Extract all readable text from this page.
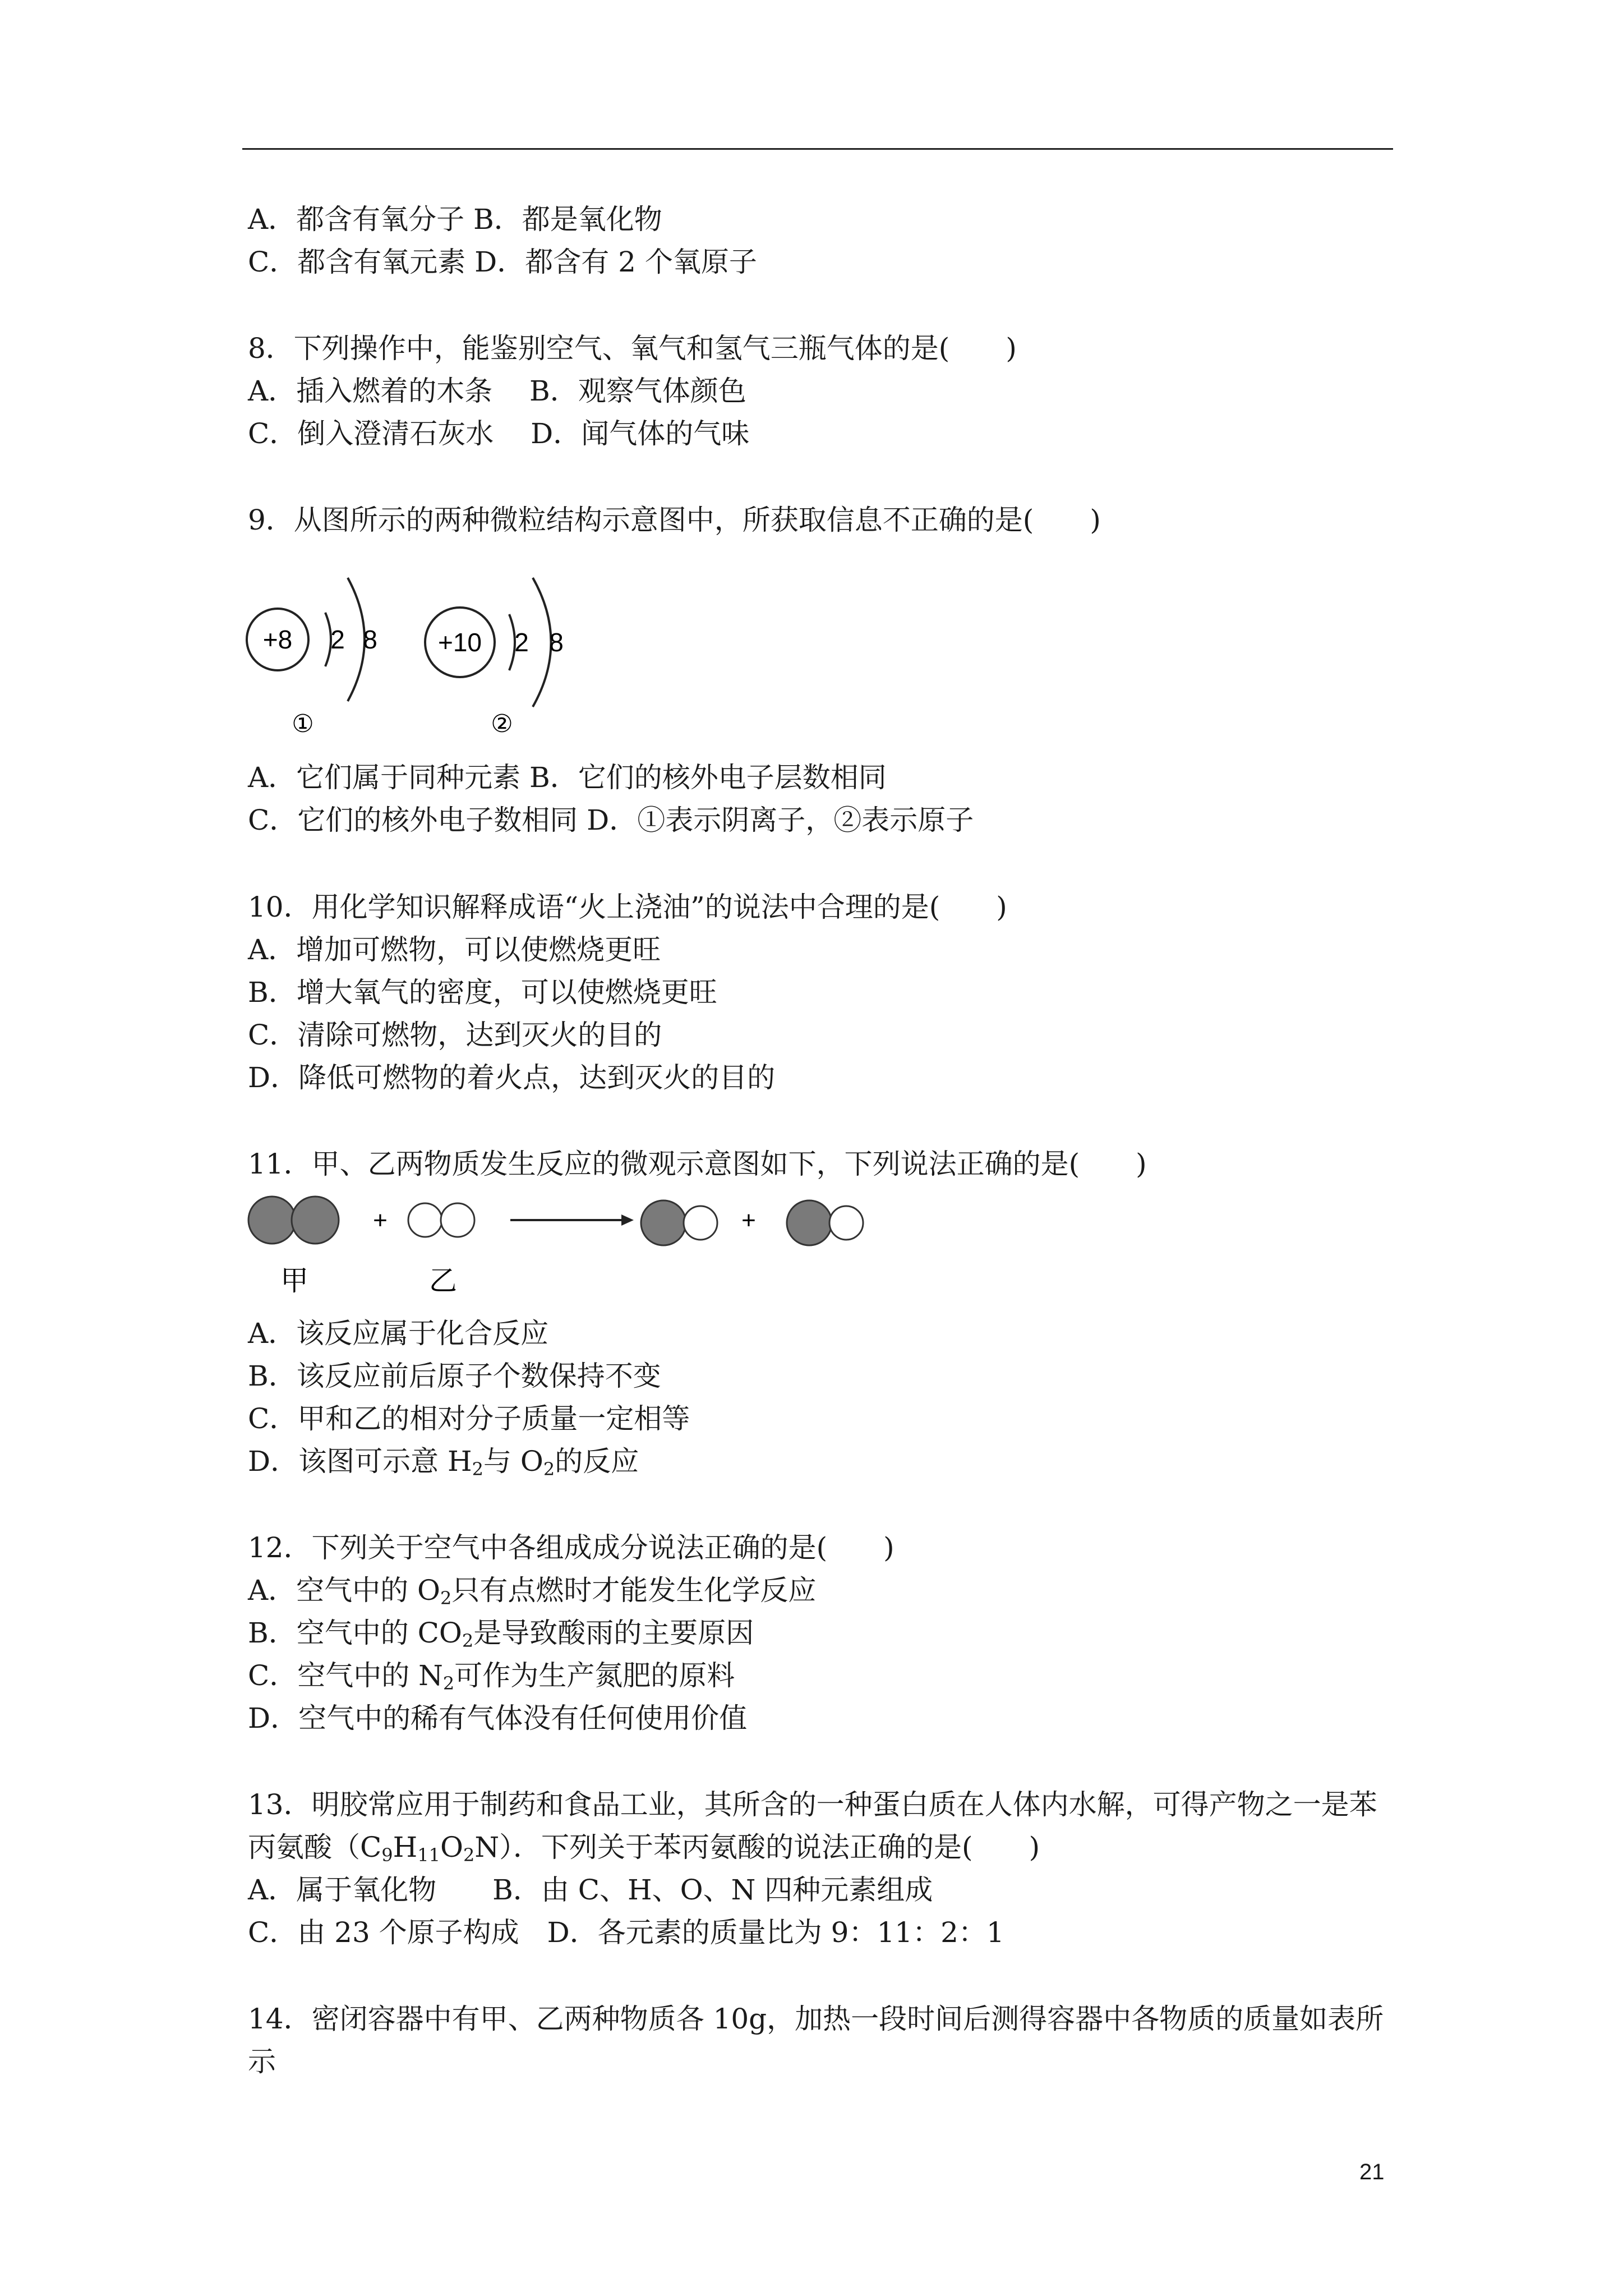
A．都含有氧分子 B．都是氧化物
C．都含有氧元素 D．都含有 2 个氧原子
8．下列操作中，能鉴别空气、氧气和氢气三瓶气体的是(　　)
A．插入燃着的木条　 B．观察气体颜色
C．倒入澄清石灰水　 D．闻气体的气味
9．从图所示的两种微粒结构示意图中，所获取信息不正确的是(　　)
+8 2 8
①
+10 2 8
②
A．它们属于同种元素 B．它们的核外电子层数相同
C．它们的核外电子数相同 D．①表示阴离子，②表示原子
10．用化学知识解释成语“火上浇油”的说法中合理的是(　　)
A．增加可燃物，可以使燃烧更旺
B．增大氧气的密度，可以使燃烧更旺
C．清除可燃物，达到灭火的目的
D．降低可燃物的着火点，达到灭火的目的
11．甲、乙两物质发生反应的微观示意图如下，下列说法正确的是(　　)
+	+
甲	乙
A．该反应属于化合反应
B．该反应前后原子个数保持不变
C．甲和乙的相对分子质量一定相等
D．该图可示意 $H_2$与 $O_2$的反应
12．下列关于空气中各组成成分说法正确的是(　　)
A．空气中的 $O_2$只有点燃时才能发生化学反应
B．空气中的 $CO_2$是导致酸雨的主要原因
C．空气中的 $N_2$可作为生产氮肥的原料
D．空气中的稀有气体没有任何使用价值
13．明胶常应用于制药和食品工业，其所含的一种蛋白质在人体内水解，可得产物之一是苯
丙氨酸$(C_9H_{11}O_2N)$．下列关于苯丙氨酸的说法正确的是(　　)
A．属于氧化物　　B．由 C、H、O、N 四种元素组成
C．由 23 个原子构成　D．各元素的质量比为 9：11：2：1
14．密闭容器中有甲、乙两种物质各 10g，加热一段时间后测得容器中各物质的质量如表所
示
21
